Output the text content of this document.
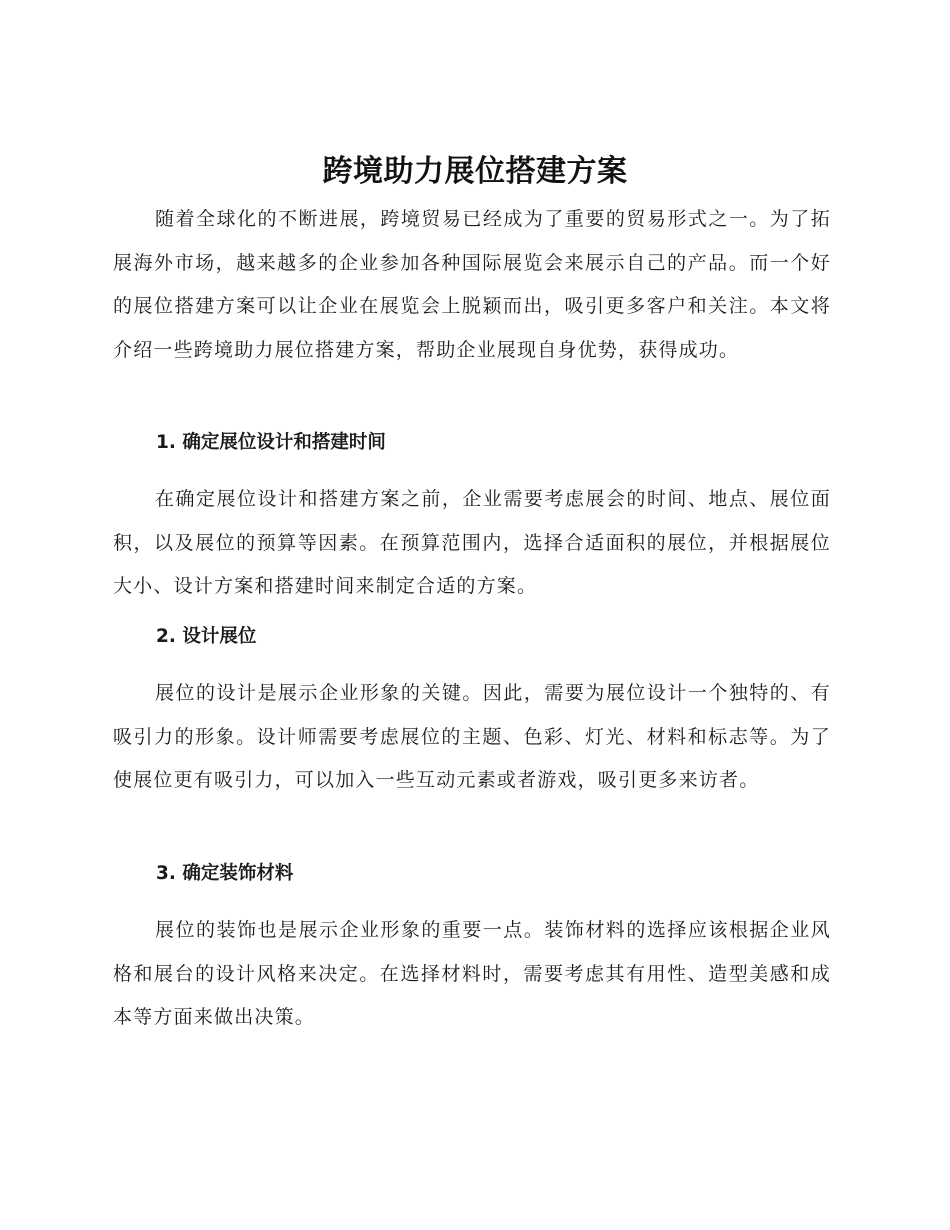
跨境助力展位搭建方案

随着全球化的不断进展，跨境贸易已经成为了重要的贸易形式之一。为了拓展海外市场，越来越多的企业参加各种国际展览会来展示自己的产品。而一个好的展位搭建方案可以让企业在展览会上脱颖而出，吸引更多客户和关注。本文将介绍一些跨境助力展位搭建方案，帮助企业展现自身优势，获得成功。

1. 确定展位设计和搭建时间

在确定展位设计和搭建方案之前，企业需要考虑展会的时间、地点、展位面积，以及展位的预算等因素。在预算范围内，选择合适面积的展位，并根据展位大小、设计方案和搭建时间来制定合适的方案。

2. 设计展位

展位的设计是展示企业形象的关键。因此，需要为展位设计一个独特的、有吸引力的形象。设计师需要考虑展位的主题、色彩、灯光、材料和标志等。为了使展位更有吸引力，可以加入一些互动元素或者游戏，吸引更多来访者。

3. 确定装饰材料

展位的装饰也是展示企业形象的重要一点。装饰材料的选择应该根据企业风格和展台的设计风格来决定。在选择材料时，需要考虑其有用性、造型美感和成本等方面来做出决策。
